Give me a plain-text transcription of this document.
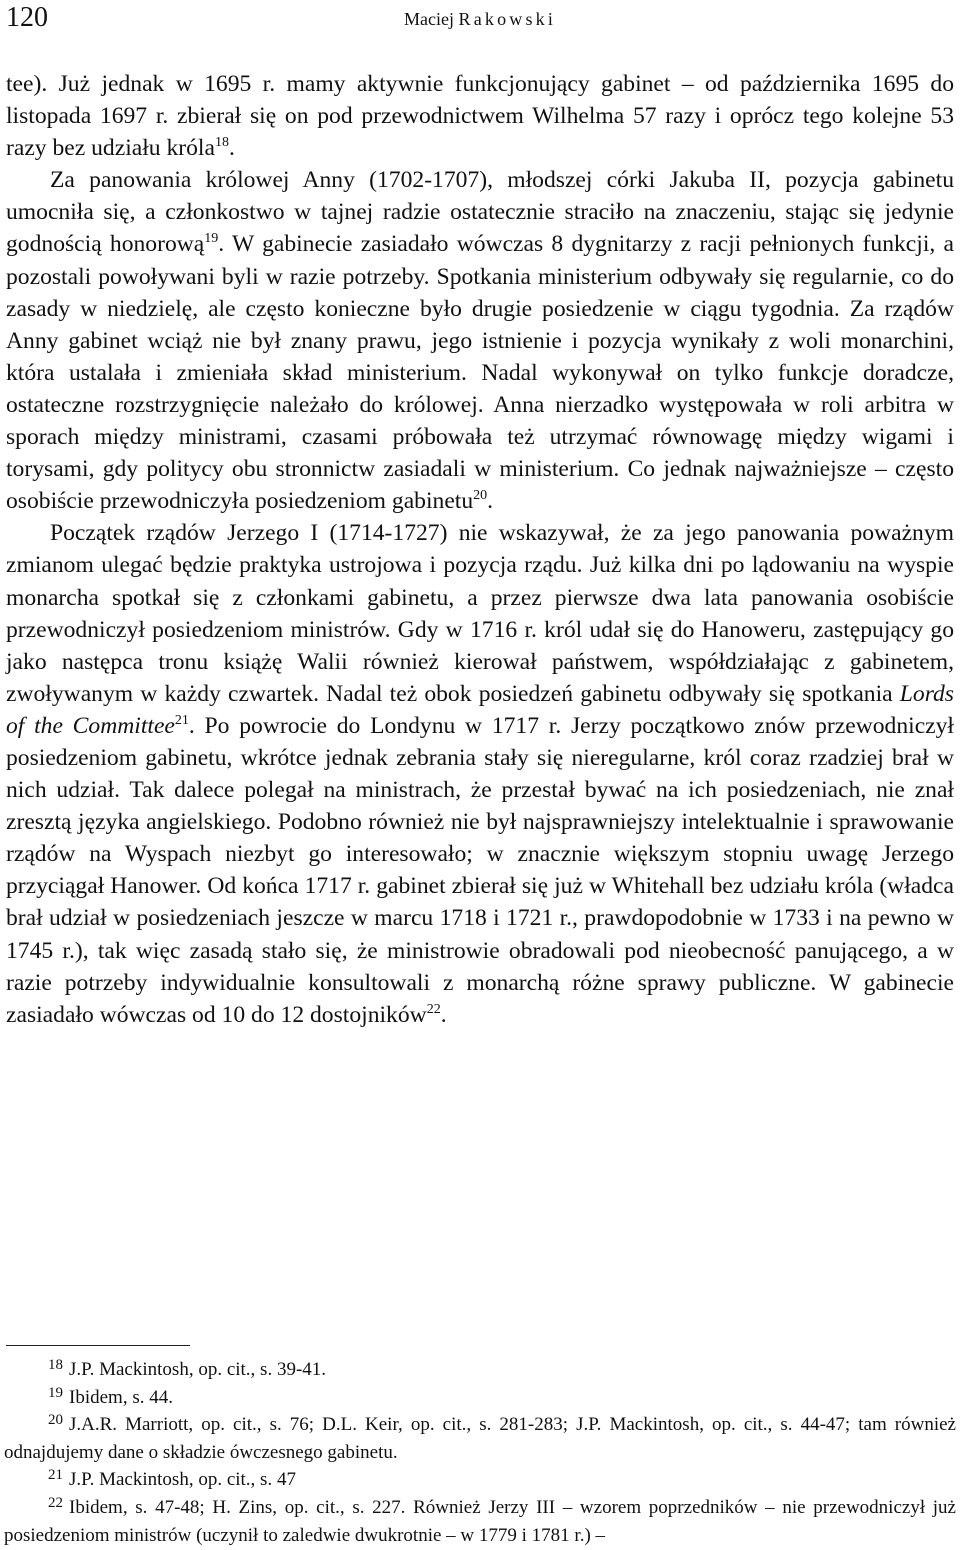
120	Maciej Rakowski

tee). Już jednak w 1695 r. mamy aktywnie funkcjonujący gabinet – od października 1695 do listopada 1697 r. zbierał się on pod przewodnictwem Wilhelma 57 razy i oprócz tego kolejne 53 razy bez udziału króla$^{18}$.

Za panowania królowej Anny (1702-1707), młodszej córki Jakuba II, pozycja gabinetu umocniła się, a członkostwo w tajnej radzie ostatecznie straciło na znaczeniu, stając się jedynie godnością honorową$^{19}$. W gabinecie zasiadało wówczas 8 dygnitarzy z racji pełnionych funkcji, a pozostali powoływani byli w razie potrzeby. Spotkania ministerium odbywały się regularnie, co do zasady w niedzielę, ale często konieczne było drugie posiedzenie w ciągu tygodnia. Za rządów Anny gabinet wciąż nie był znany prawu, jego istnienie i pozycja wynikały z woli monarchini, która ustalała i zmieniała skład ministerium. Nadal wykonywał on tylko funkcje doradcze, ostateczne rozstrzygnięcie należało do królowej. Anna nierzadko występowała w roli arbitra w sporach między ministrami, czasami próbowała też utrzymać równowagę między wigami i torysami, gdy politycy obu stronnictw zasiadali w ministerium. Co jednak najważniejsze – często osobiście przewodniczyła posiedzeniom gabinetu$^{20}$.

Początek rządów Jerzego I (1714-1727) nie wskazywał, że za jego panowania poważnym zmianom ulegać będzie praktyka ustrojowa i pozycja rządu. Już kilka dni po lądowaniu na wyspie monarcha spotkał się z członkami gabinetu, a przez pierwsze dwa lata panowania osobiście przewodniczył posiedzeniom ministrów. Gdy w 1716 r. król udał się do Hanoweru, zastępujący go jako następca tronu książę Walii również kierował państwem, współdziałając z gabinetem, zwoływanym w każdy czwartek. Nadal też obok posiedzeń gabinetu odbywały się spotkania Lords of the Committee$^{21}$. Po powrocie do Londynu w 1717 r. Jerzy początkowo znów przewodniczył posiedzeniom gabinetu, wkrótce jednak zebrania stały się nieregularne, król coraz rzadziej brał w nich udział. Tak dalece polegał na ministrach, że przestał bywać na ich posiedzeniach, nie znał zresztą języka angielskiego. Podobno również nie był najsprawniejszy intelektualnie i sprawowanie rządów na Wyspach niezbyt go interesowało; w znacznie większym stopniu uwagę Jerzego przyciągał Hanower. Od końca 1717 r. gabinet zbierał się już w Whitehall bez udziału króla (władca brał udział w posiedzeniach jeszcze w marcu 1718 i 1721 r., prawdopodobnie w 1733 i na pewno w 1745 r.), tak więc zasadą stało się, że ministrowie obradowali pod nieobecność panującego, a w razie potrzeby indywidualnie konsultowali z monarchą różne sprawy publiczne. W gabinecie zasiadało wówczas od 10 do 12 dostojników$^{22}$.

18 J.P. Mackintosh, op. cit., s. 39-41.

19 Ibidem, s. 44.

20 J.A.R. Marriott, op. cit., s. 76; D.L. Keir, op. cit., s. 281-283; J.P. Mackintosh, op. cit., s. 44-47; tam również odnajdujemy dane o składzie ówczesnego gabinetu.

21 J.P. Mackintosh, op. cit., s. 47

22 Ibidem, s. 47-48; H. Zins, op. cit., s. 227. Również Jerzy III – wzorem poprzedników – nie przewodniczył już posiedzeniom ministrów (uczynił to zaledwie dwukrotnie – w 1779 i 1781 r.) –
